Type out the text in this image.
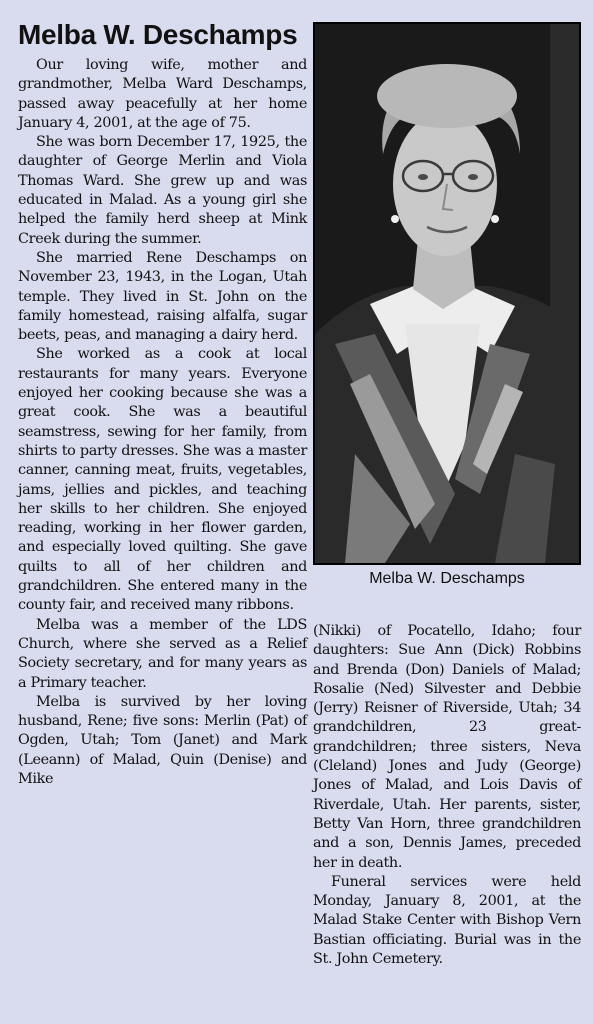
Melba W. Deschamps

Our loving wife, mother and grandmother, Melba Ward Deschamps, passed away peacefully at her home January 4, 2001, at the age of 75.

She was born December 17, 1925, the daughter of George Merlin and Viola Thomas Ward. She grew up and was educated in Malad. As a young girl she helped the family herd sheep at Mink Creek during the summer.

She married Rene Deschamps on November 23, 1943, in the Logan, Utah temple. They lived in St. John on the family homestead, raising alfalfa, sugar beets, peas, and managing a dairy herd.

She worked as a cook at local restaurants for many years. Everyone enjoyed her cooking because she was a great cook. She was a beautiful seamstress, sewing for her family, from shirts to party dresses. She was a master canner, canning meat, fruits, vegetables, jams, jellies and pickles, and teaching her skills to her children. She enjoyed reading, working in her flower garden, and especially loved quilting. She gave quilts to all of her children and grandchildren. She entered many in the county fair, and received many ribbons.

Melba was a member of the LDS Church, where she served as a Relief Society secretary, and for many years as a Primary teacher.

Melba is survived by her loving husband, Rene; five sons: Merlin (Pat) of Ogden, Utah; Tom (Janet) and Mark (Leeann) of Malad, Quin (Denise) and Mike

Melba W. Deschamps

(Nikki) of Pocatello, Idaho; four daughters: Sue Ann (Dick) Robbins and Brenda (Don) Daniels of Malad; Rosalie (Ned) Silvester and Debbie (Jerry) Reisner of Riverside, Utah; 34 grandchildren, 23 great-grandchildren; three sisters, Neva (Cleland) Jones and Judy (George) Jones of Malad, and Lois Davis of Riverdale, Utah. Her parents, sister, Betty Van Horn, three grandchildren and a son, Dennis James, preceded her in death.

Funeral services were held Monday, January 8, 2001, at the Malad Stake Center with Bishop Vern Bastian officiating. Burial was in the St. John Cemetery.
